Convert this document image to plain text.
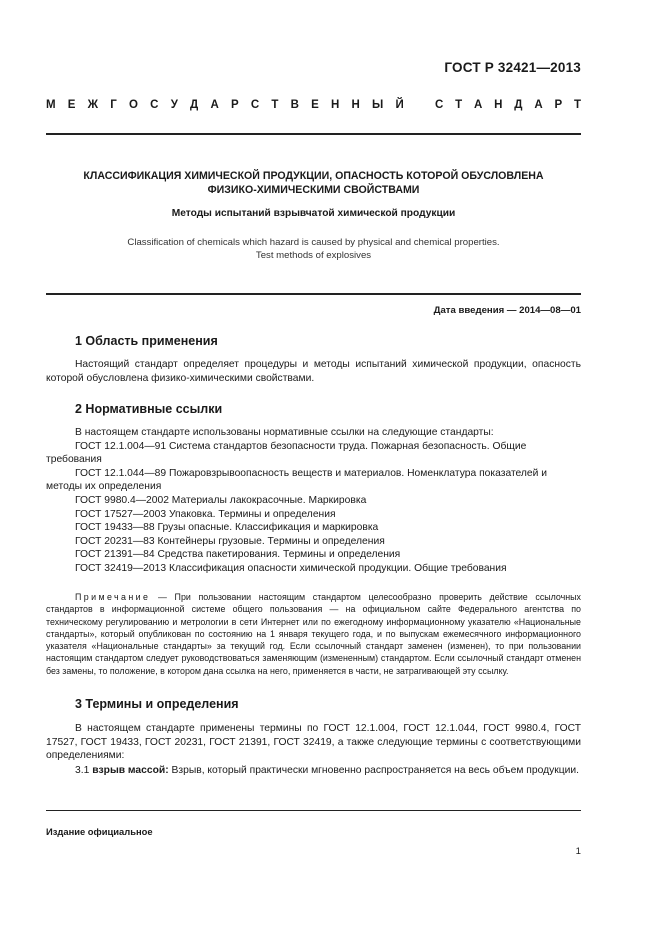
ГОСТ Р 32421—2013
М Е Ж Г О С У Д А Р С Т В Е Н Н Ы Й	С Т А Н Д А Р Т
КЛАССИФИКАЦИЯ ХИМИЧЕСКОЙ ПРОДУКЦИИ, ОПАСНОСТЬ КОТОРОЙ ОБУСЛОВЛЕНА
ФИЗИКО-ХИМИЧЕСКИМИ СВОЙСТВАМИ
Методы испытаний взрывчатой химической продукции
Classification of chemicals which hazard is caused by physical and chemical properties.
Test methods of explosives
Дата введения — 2014—08—01
1 Область применения
Настоящий стандарт определяет процедуры и методы испытаний химической продукции, опасность которой обусловлена физико-химическими свойствами.
2 Нормативные ссылки
В настоящем стандарте использованы нормативные ссылки на следующие стандарты:
ГОСТ 12.1.004—91 Система стандартов безопасности труда. Пожарная безопасность. Общие требования
ГОСТ 12.1.044—89 Пожаровзрывоопасность веществ и материалов. Номенклатура показателей и методы их определения
ГОСТ 9980.4—2002 Материалы лакокрасочные. Маркировка
ГОСТ 17527—2003 Упаковка. Термины и определения
ГОСТ 19433—88 Грузы опасные. Классификация и маркировка
ГОСТ 20231—83 Контейнеры грузовые. Термины и определения
ГОСТ 21391—84 Средства пакетирования. Термины и определения
ГОСТ 32419—2013 Классификация опасности химической продукции. Общие требования
Примечание — При пользовании настоящим стандартом целесообразно проверить действие ссылочных стандартов в информационной системе общего пользования — на официальном сайте Федерального агентства по техническому регулированию и метрологии в сети Интернет или по ежегодному информационному указателю «Национальные стандарты», который опубликован по состоянию на 1 января текущего года, и по выпускам ежемесячного информационного указателя «Национальные стандарты» за текущий год. Если ссылочный стандарт заменен (изменен), то при пользовании настоящим стандартом следует руководствоваться заменяющим (измененным) стандартом. Если ссылочный стандарт отменен без замены, то положение, в котором дана ссылка на него, применяется в части, не затрагивающей эту ссылку.
3 Термины и определения
В настоящем стандарте применены термины по ГОСТ 12.1.004, ГОСТ 12.1.044, ГОСТ 9980.4, ГОСТ 17527, ГОСТ 19433, ГОСТ 20231, ГОСТ 21391, ГОСТ 32419, а также следующие термины с соответствующими определениями:
3.1 взрыв массой: Взрыв, который практически мгновенно распространяется на весь объем продукции.
Издание официальное
1
